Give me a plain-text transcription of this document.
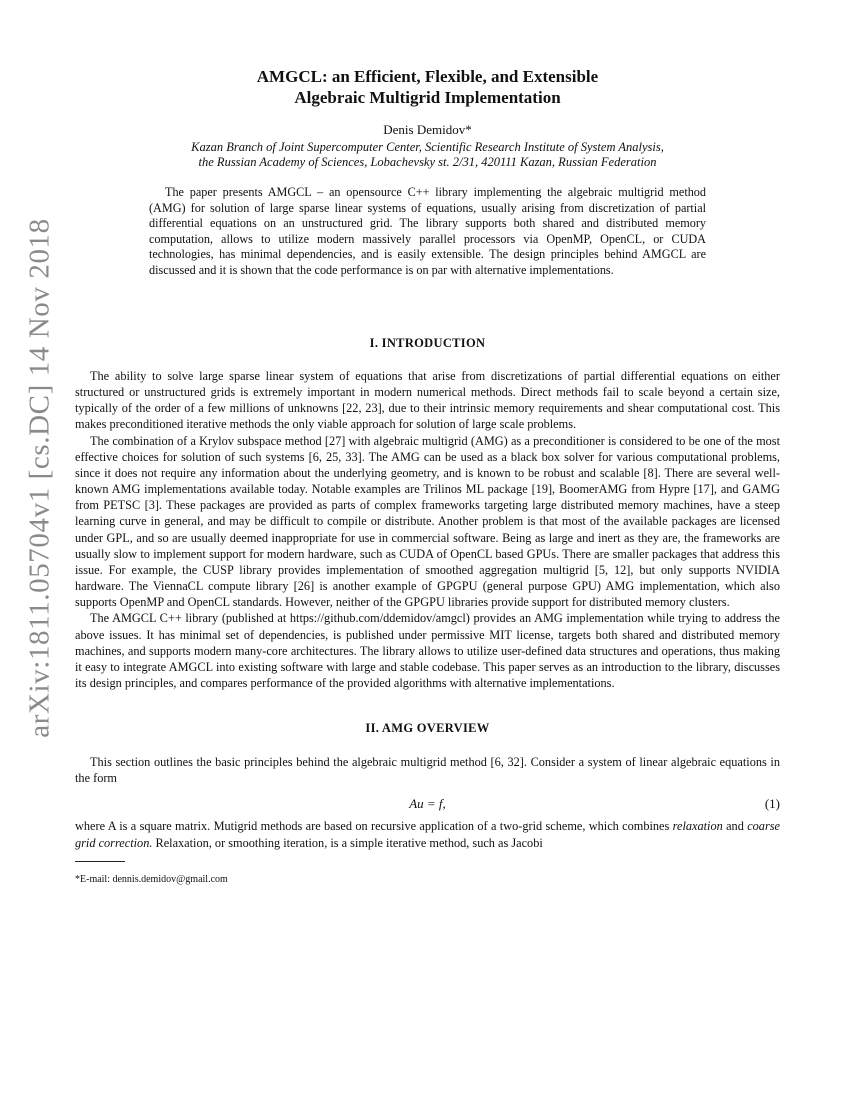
arXiv:1811.05704v1 [cs.DC] 14 Nov 2018
AMGCL: an Efficient, Flexible, and Extensible
Algebraic Multigrid Implementation
Denis Demidov*
Kazan Branch of Joint Supercomputer Center, Scientific Research Institute of System Analysis,
the Russian Academy of Sciences, Lobachevsky st. 2/31, 420111 Kazan, Russian Federation

The paper presents AMGCL – an opensource C++ library implementing the algebraic multigrid method (AMG) for solution of large sparse linear systems of equations, usually arising from discretization of partial differential equations on an unstructured grid. The library supports both shared and distributed memory computation, allows to utilize modern massively parallel processors via OpenMP, OpenCL, or CUDA technologies, has minimal dependencies, and is easily extensible. The design principles behind AMGCL are discussed and it is shown that the code performance is on par with alternative implementations.

I. INTRODUCTION

The ability to solve large sparse linear system of equations that arise from discretizations of partial differential equations on either structured or unstructured grids is extremely important in modern numerical methods. Direct methods fail to scale beyond a certain size, typically of the order of a few millions of unknowns [22, 23], due to their intrinsic memory requirements and shear computational cost. This makes preconditioned iterative methods the only viable approach for solution of large scale problems.

The combination of a Krylov subspace method [27] with algebraic multigrid (AMG) as a preconditioner is considered to be one of the most effective choices for solution of such systems [6, 25, 33]. The AMG can be used as a black box solver for various computational problems, since it does not require any information about the underlying geometry, and is known to be robust and scalable [8]. There are several well-known AMG implementations available today. Notable examples are Trilinos ML package [19], BoomerAMG from Hypre [17], and GAMG from PETSC [3]. These packages are provided as parts of complex frameworks targeting large distributed memory machines, have a steep learning curve in general, and may be difficult to compile or distribute. Another problem is that most of the available packages are licensed under GPL, and so are usually deemed inappropriate for use in commercial software. Being as large and inert as they are, the frameworks are usually slow to implement support for modern hardware, such as CUDA of OpenCL based GPUs. There are smaller packages that address this issue. For example, the CUSP library provides implementation of smoothed aggregation multigrid [5, 12], but only supports NVIDIA hardware. The ViennaCL compute library [26] is another example of GPGPU (general purpose GPU) AMG implementation, which also supports OpenMP and OpenCL standards. However, neither of the GPGPU libraries provide support for distributed memory clusters.

The AMGCL C++ library (published at https://github.com/ddemidov/amgcl) provides an AMG implementation while trying to address the above issues. It has minimal set of dependencies, is published under permissive MIT license, targets both shared and distributed memory machines, and supports modern many-core architectures. The library allows to utilize user-defined data structures and operations, thus making it easy to integrate AMGCL into existing software with large and stable codebase. This paper serves as an introduction to the library, discusses its design principles, and compares performance of the provided algorithms with alternative implementations.

II. AMG OVERVIEW

This section outlines the basic principles behind the algebraic multigrid method [6, 32]. Consider a system of linear algebraic equations in the form

Au = f,	(1)

where A is a square matrix. Mutigrid methods are based on recursive application of a two-grid scheme, which combines relaxation and coarse grid correction. Relaxation, or smoothing iteration, is a simple iterative method, such as Jacobi

*E-mail: dennis.demidov@gmail.com
